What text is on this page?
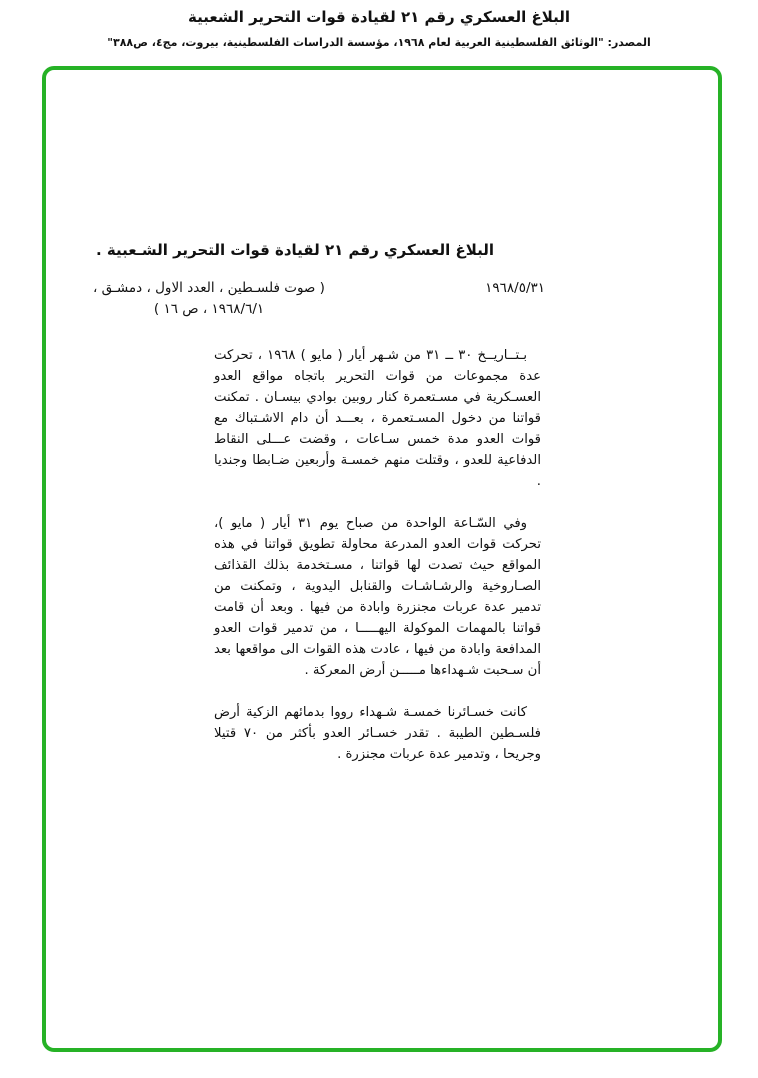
البلاغ العسكري رقم ٢١ لقيادة قوات التحرير الشعبية
المصدر: "الوثائق الفلسطينية العربية لعام ١٩٦٨، مؤسسة الدراسات الفلسطينية، بيروت، مج٤، ص٣٨٨"
البلاغ العسكري رقم ٢١ لقيادة قوات التحرير الشـعبية .
١٩٦٨/٥/٣١
( صوت فلسـطين ، العدد الاول ، دمشـق ،
١٩٦٨/٦/١ ، ص ١٦ )

بـتــاريــخ ٣٠ ــ ٣١ من شـهر أيار ( مايو ) ١٩٦٨ ، تحركت عدة مجموعات من قوات التحرير باتجاه مواقع العدو العسـكرية في مسـتعمرة كنار روبين بوادي بيسـان . تمكنت قواتنا من دخول المسـتعمرة ، بعـــد أن دام الاشـتباك مع قوات العدو مدة خمس سـاعات ، وقضت عـــلى النقاط الدفاعية للعدو ، وقتلت منهم خمسـة وأربعين ضـابطا وجنديا .

وفي السّـاعة الواحدة من صباح يوم ٣١ أيار ( مايو )، تحركت قوات العدو المدرعة محاولة تطويق قواتنا في هذه المواقع حيث تصدت لها قواتنا ، مسـتخدمة بذلك القذائف الصـاروخية والرشـاشـات والقنابل اليدوية ، وتمكنت من تدمير عدة عربات مجنزرة وابادة من فيها . وبعد أن قامت قواتنا بالمهمات الموكولة اليهـــــا ، من تدمير قوات العدو المدافعة وابادة من فيها ، عادت هذه القوات الى مواقعها بعد أن سـحبت شـهداءها مـــــن أرض المعركة .

كانت خسـائرنا خمسـة شـهداء رووا بدمائهم الزكية أرض فلسـطين الطيبة . تقدر خسـائر العدو بأكثر من ٧٠ قتيلا وجريحا ، وتدمير عدة عربات مجنزرة .
